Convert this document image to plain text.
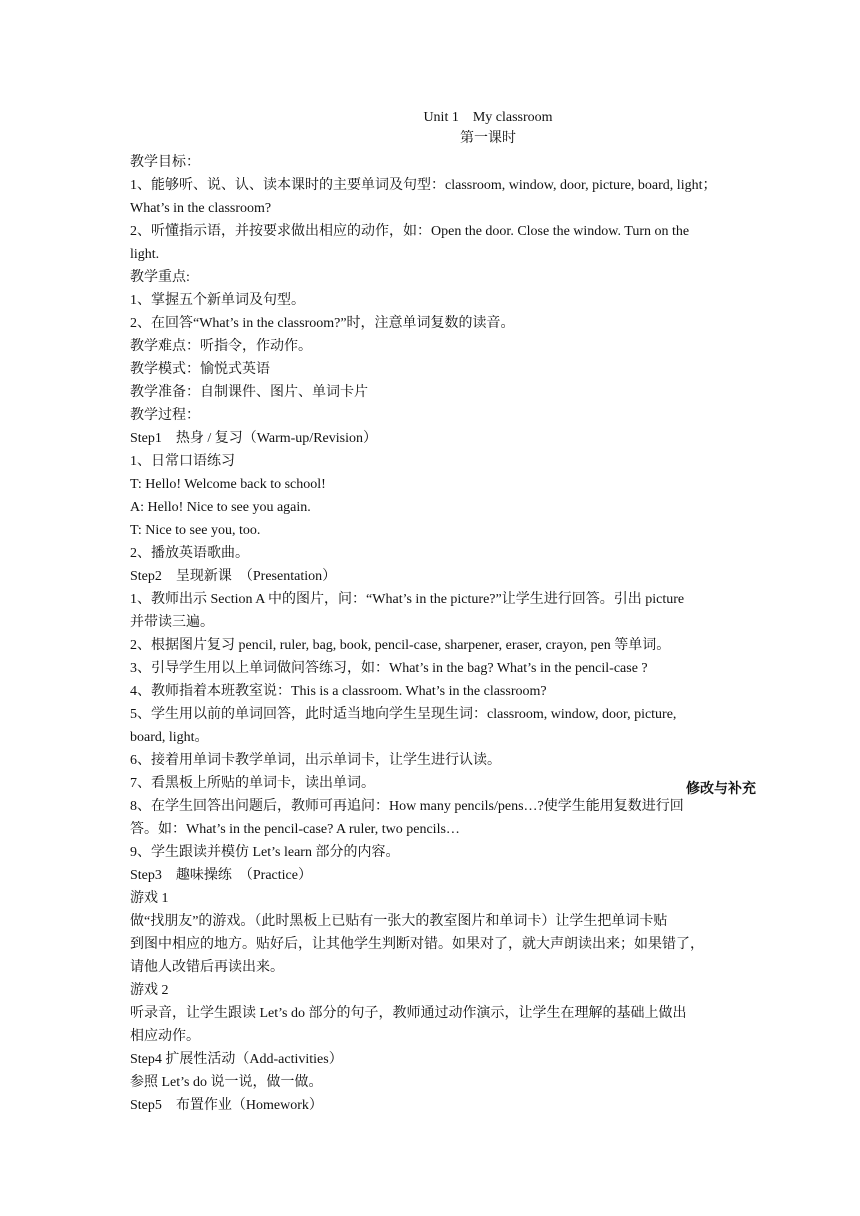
Unit 1　My classroom
第一课时
教学目标：
1、能够听、说、认、读本课时的主要单词及句型：classroom, window, door, picture, board, light；
What’s in the classroom?
2、听懂指示语，并按要求做出相应的动作，如：Open the door. Close the window. Turn on the
light.
教学重点:
1、掌握五个新单词及句型。
2、在回答“What’s in the classroom?”时，注意单词复数的读音。
教学难点：听指令，作动作。
教学模式：愉悦式英语
教学准备：自制课件、图片、单词卡片
教学过程：
Step1　热身 / 复习（Warm-up/Revision）
1、日常口语练习
T: Hello! Welcome back to school!
A: Hello! Nice to see you again.
T: Nice to see you, too.
2、播放英语歌曲。
Step2　呈现新课　（Presentation）
1、教师出示 Section A 中的图片，问：“What’s in the picture?”让学生进行回答。引出 picture
并带读三遍。
2、根据图片复习 pencil, ruler, bag, book, pencil-case, sharpener, eraser, crayon, pen 等单词。
3、引导学生用以上单词做问答练习，如：What’s in the bag? What’s in the pencil-case ?
4、教师指着本班教室说：This is a classroom. What’s in the classroom?
5、学生用以前的单词回答，此时适当地向学生呈现生词：classroom, window, door, picture,
board, light。
6、接着用单词卡教学单词，出示单词卡，让学生进行认读。
7、看黑板上所贴的单词卡，读出单词。
8、在学生回答出问题后，教师可再追问：How many pencils/pens…?使学生能用复数进行回
答。如：What’s in the pencil-case? A ruler, two pencils…
9、学生跟读并模仿 Let’s learn 部分的内容。
Step3　趣味操练　（Practice）
游戏 1
做“找朋友”的游戏。（此时黑板上已贴有一张大的教室图片和单词卡）让学生把单词卡贴
到图中相应的地方。贴好后，让其他学生判断对错。如果对了，就大声朗读出来；如果错了，
请他人改错后再读出来。
游戏 2
听录音，让学生跟读 Let’s do 部分的句子，教师通过动作演示，让学生在理解的基础上做出
相应动作。
Step4 扩展性活动（Add-activities）
参照 Let’s do 说一说，做一做。
Step5　布置作业（Homework）
修改与补充
